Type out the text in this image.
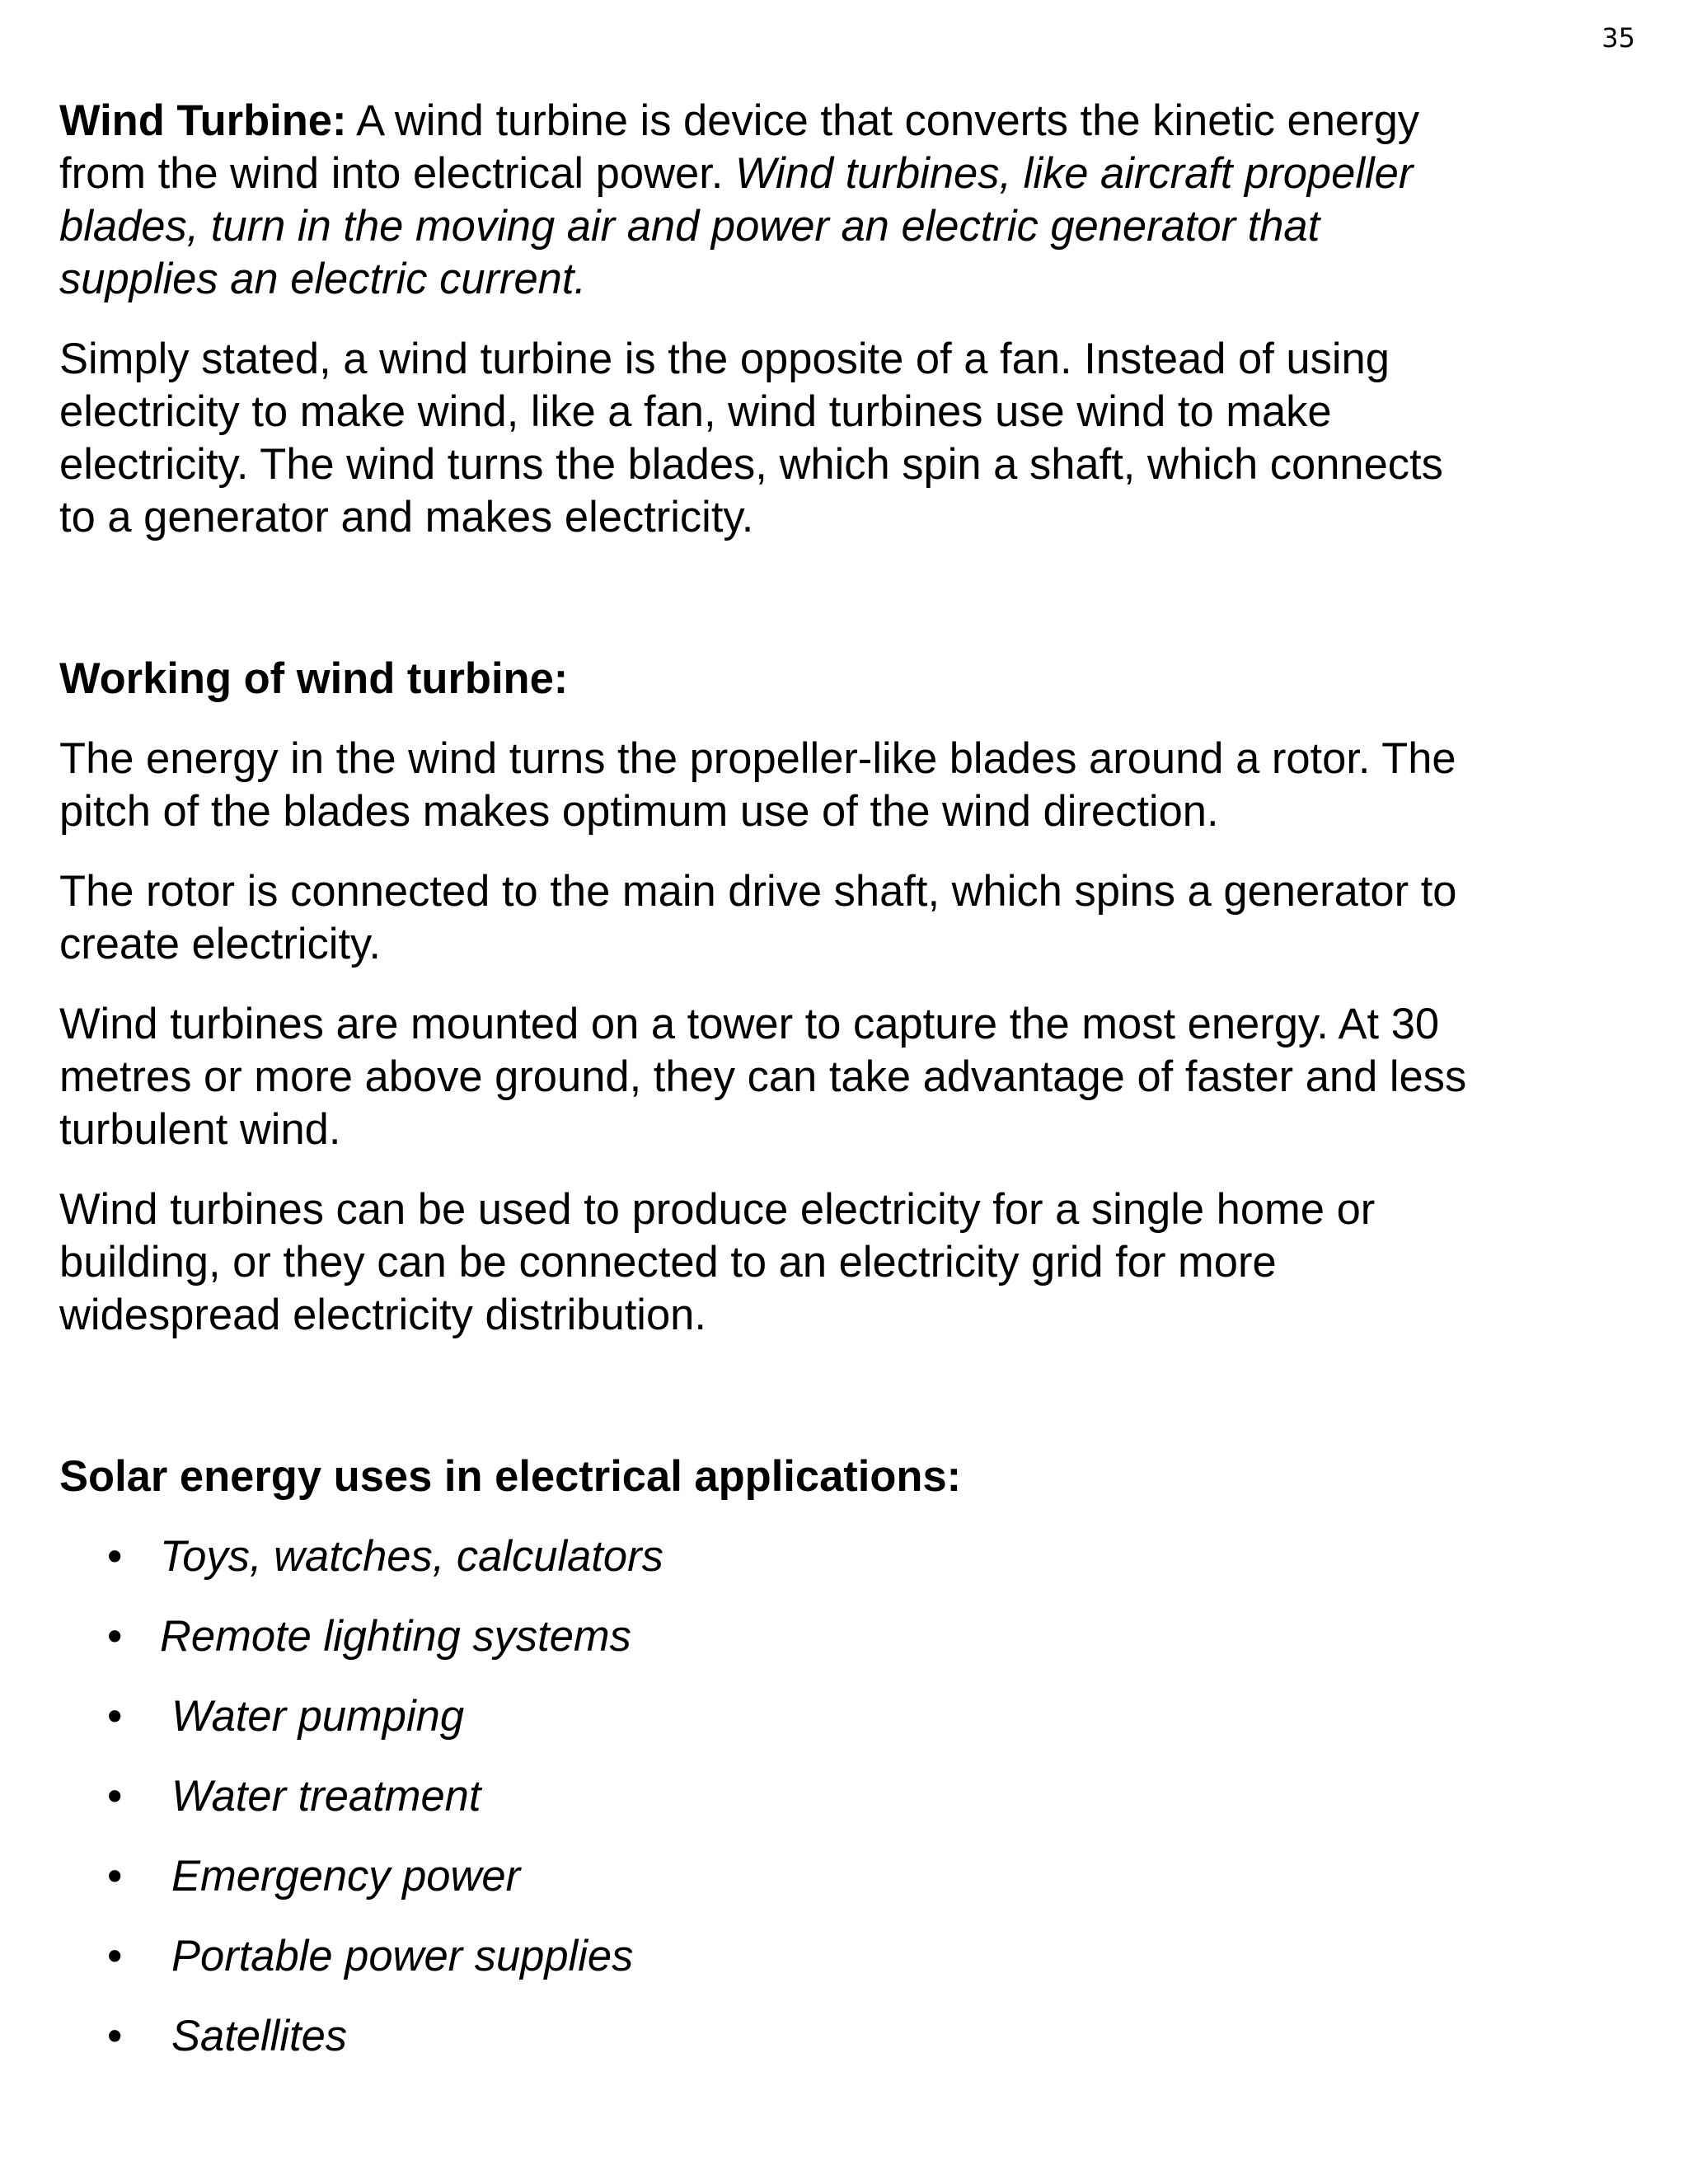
35

Wind Turbine: A wind turbine is device that converts the kinetic energy from the wind into electrical power. Wind turbines, like aircraft propeller blades, turn in the moving air and power an electric generator that supplies an electric current.

Simply stated, a wind turbine is the opposite of a fan. Instead of using electricity to make wind, like a fan, wind turbines use wind to make electricity. The wind turns the blades, which spin a shaft, which connects to a generator and makes electricity.

Working of wind turbine:

The energy in the wind turns the propeller-like blades around a rotor. The pitch of the blades makes optimum use of the wind direction.

The rotor is connected to the main drive shaft, which spins a generator to create electricity.

Wind turbines are mounted on a tower to capture the most energy. At 30 metres or more above ground, they can take advantage of faster and less turbulent wind.

Wind turbines can be used to produce electricity for a single home or building, or they can be connected to an electricity grid for more widespread electricity distribution.

Solar energy uses in electrical applications:
• Toys, watches, calculators
• Remote lighting systems
• Water pumping
• Water treatment
• Emergency power
• Portable power supplies
• Satellites
